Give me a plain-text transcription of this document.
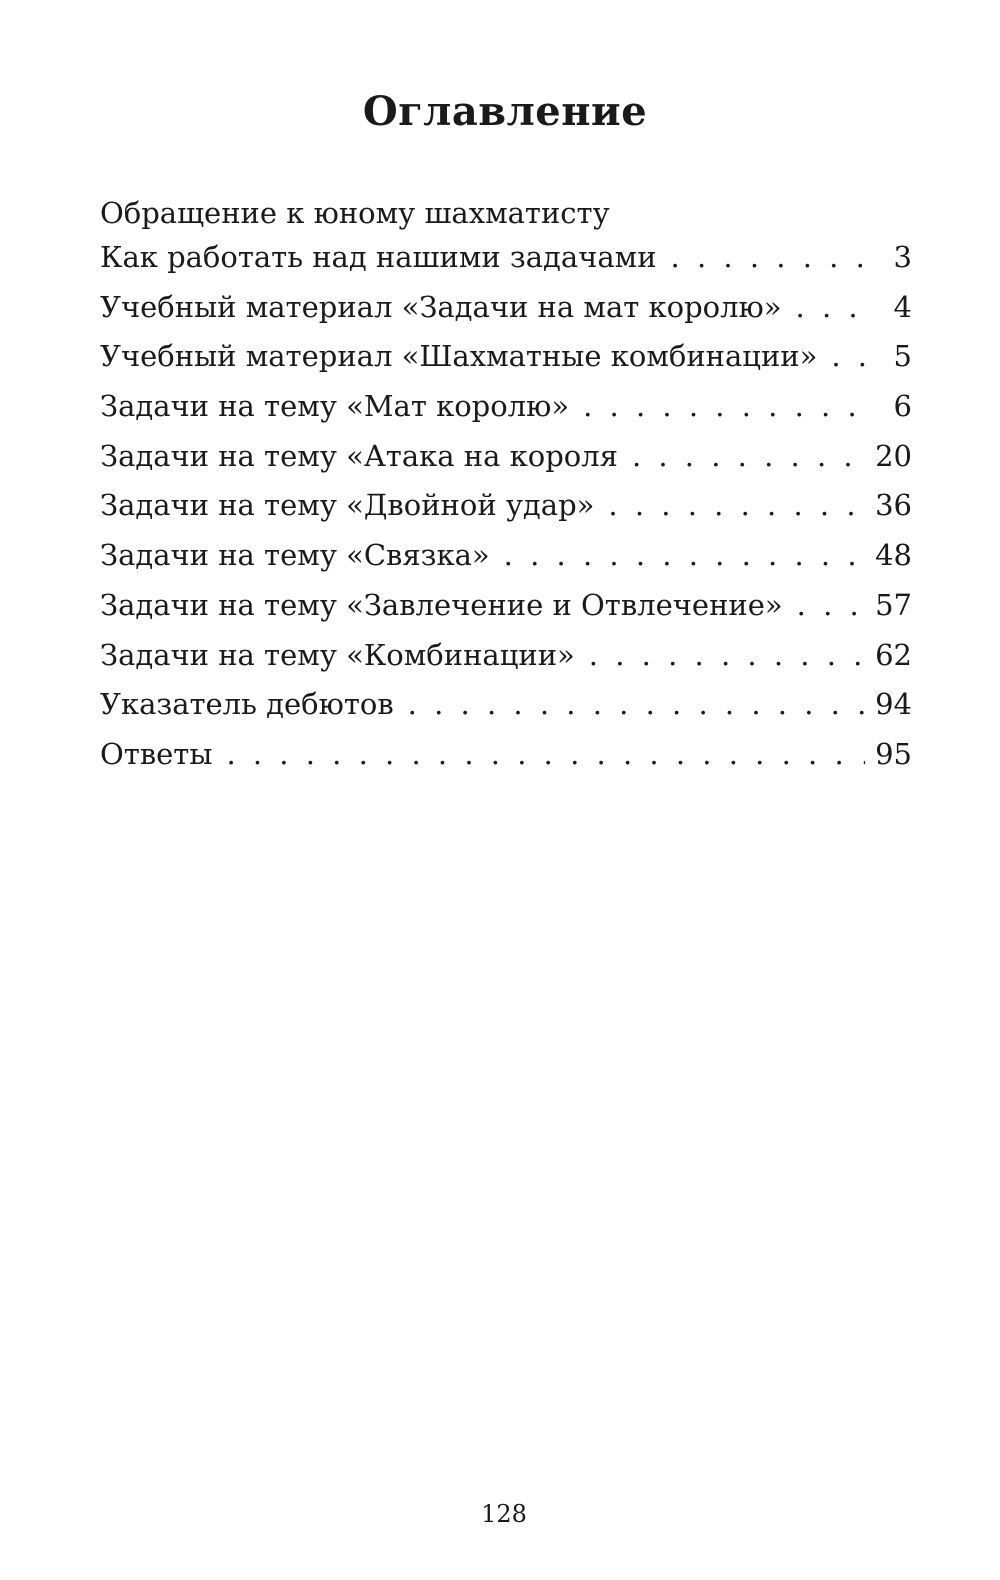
Оглавление
Обращение к юному шахматисту
Как работать над нашими задачами . . .	3
Учебный материал «Задачи на мат королю» . . .	4
Учебный материал «Шахматные комбинации» . . .	5
Задачи на тему «Мат королю» . . .	6
Задачи на тему «Атака на короля . . .	20
Задачи на тему «Двойной удар» . . .	36
Задачи на тему «Связка» . . .	48
Задачи на тему «Завлечение и Отвлечение» . . .	57
Задачи на тему «Комбинации» . . .	62
Указатель дебютов . . .	94
Ответы . . .	95
128
